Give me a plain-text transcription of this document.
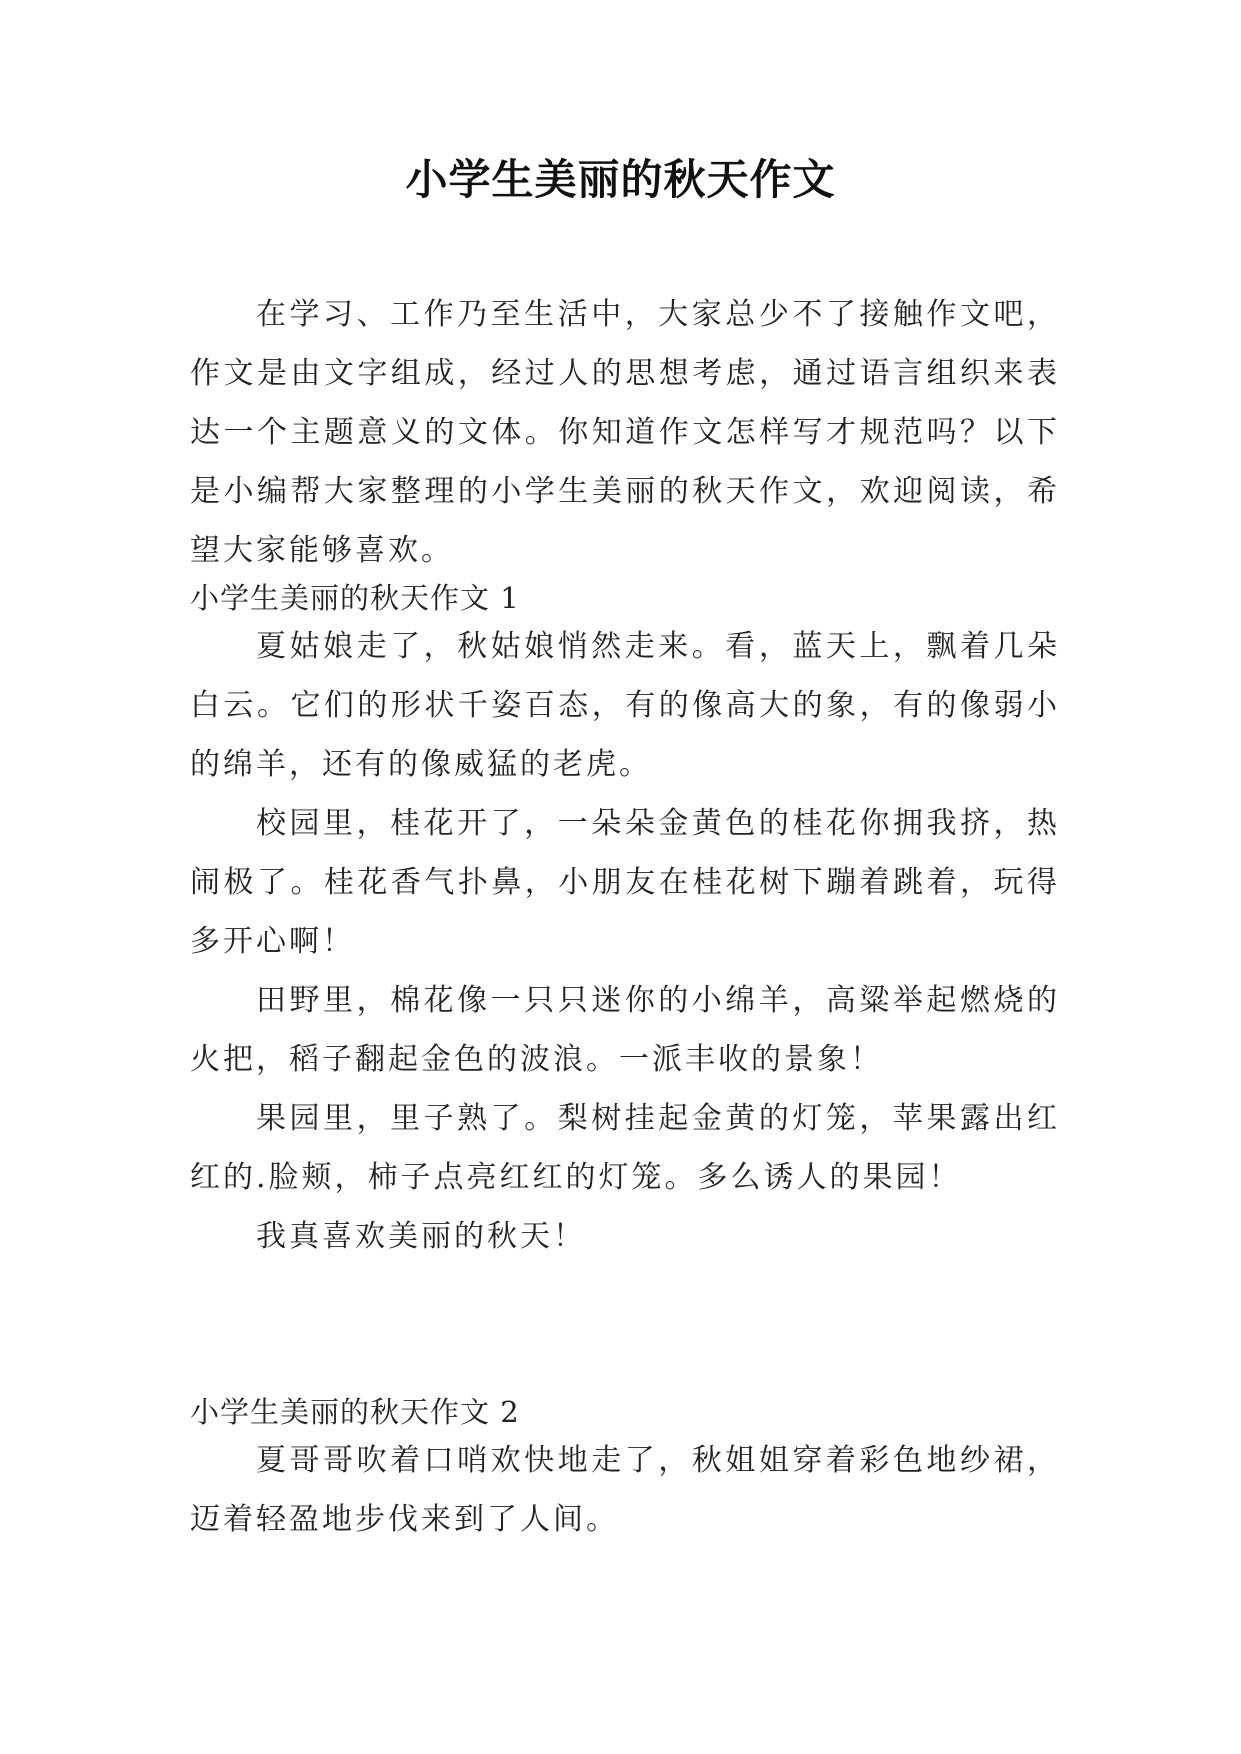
小学生美丽的秋天作文

在学习、工作乃至生活中，大家总少不了接触作文吧，作文是由文字组成，经过人的思想考虑，通过语言组织来表达一个主题意义的文体。你知道作文怎样写才规范吗？以下是小编帮大家整理的小学生美丽的秋天作文，欢迎阅读，希望大家能够喜欢。

小学生美丽的秋天作文 1

夏姑娘走了，秋姑娘悄然走来。看，蓝天上，飘着几朵白云。它们的形状千姿百态，有的像高大的象，有的像弱小的绵羊，还有的像威猛的老虎。

校园里，桂花开了，一朵朵金黄色的桂花你拥我挤，热闹极了。桂花香气扑鼻，小朋友在桂花树下蹦着跳着，玩得多开心啊！

田野里，棉花像一只只迷你的小绵羊，高粱举起燃烧的火把，稻子翻起金色的波浪。一派丰收的景象！

果园里，里子熟了。梨树挂起金黄的灯笼，苹果露出红红的.脸颊，柿子点亮红红的灯笼。多么诱人的果园！

我真喜欢美丽的秋天！

小学生美丽的秋天作文 2

夏哥哥吹着口哨欢快地走了，秋姐姐穿着彩色地纱裙，迈着轻盈地步伐来到了人间。
